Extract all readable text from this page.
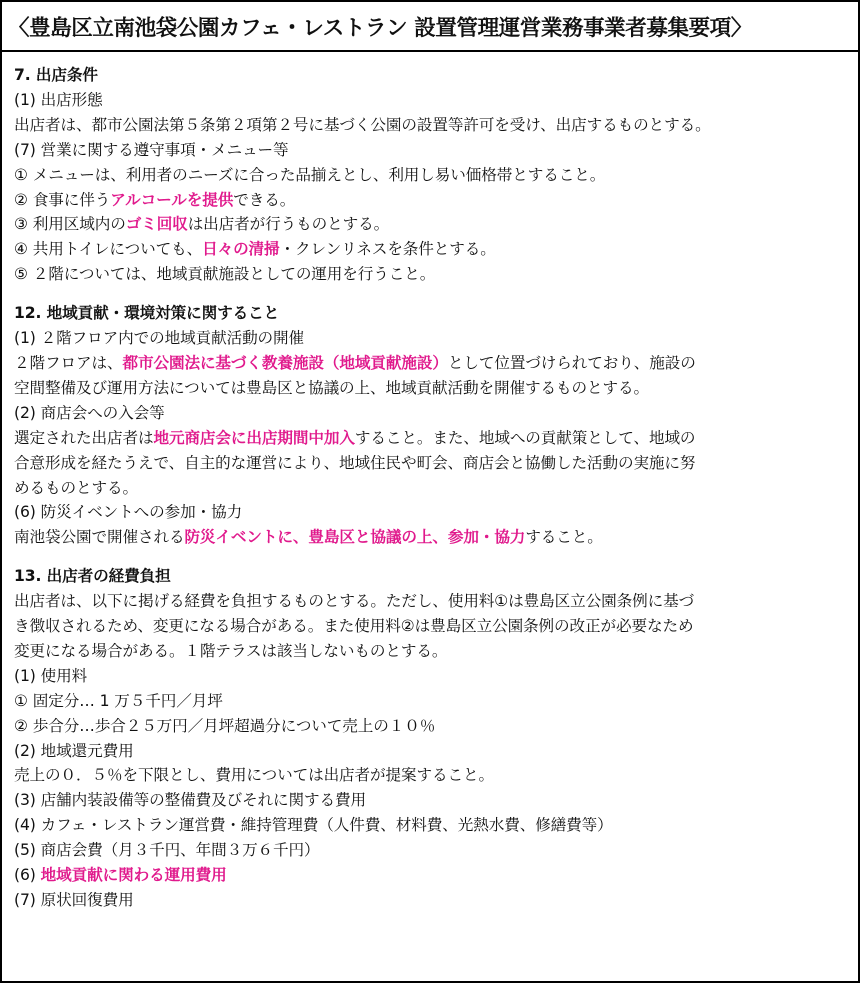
〈豊島区立南池袋公園カフェ・レストラン 設置管理運営業務事業者募集要項〉
7. 出店条件
(1) 出店形態
出店者は、都市公園法第５条第２項第２号に基づく公園の設置等許可を受け、出店するものとする。
(7) 営業に関する遵守事項・メニュー等
① メニューは、利用者のニーズに合った品揃えとし、利用し易い価格帯とすること。
② 食事に伴うアルコールを提供できる。
③ 利用区域内のゴミ回収は出店者が行うものとする。
④ 共用トイレについても、日々の清掃・クレンリネスを条件とする。
⑤ ２階については、地域貢献施設としての運用を行うこと。
12. 地域貢献・環境対策に関すること
(1) ２階フロア内での地域貢献活動の開催
２階フロアは、都市公園法に基づく教養施設（地域貢献施設）として位置づけられており、施設の
空間整備及び運用方法については豊島区と協議の上、地域貢献活動を開催するものとする。
(2) 商店会への入会等
選定された出店者は地元商店会に出店期間中加入すること。また、地域への貢献策として、地域の
合意形成を経たうえで、自主的な運営により、地域住民や町会、商店会と協働した活動の実施に努
めるものとする。
(6) 防災イベントへの参加・協力
南池袋公園で開催される防災イベントに、豊島区と協議の上、参加・協力すること。
13. 出店者の経費負担
出店者は、以下に掲げる経費を負担するものとする。ただし、使用料①は豊島区立公園条例に基づ
き徴収されるため、変更になる場合がある。また使用料②は豊島区立公園条例の改正が必要なため
変更になる場合がある。１階テラスは該当しないものとする。
(1) 使用料
① 固定分… 1 万５千円／月坪
② 歩合分…歩合２５万円／月坪超過分について売上の１０％
(2) 地域還元費用
売上の０．５％を下限とし、費用については出店者が提案すること。
(3) 店舗内装設備等の整備費及びそれに関する費用
(4) カフェ・レストラン運営費・維持管理費（人件費、材料費、光熱水費、修繕費等）
(5) 商店会費（月３千円、年間３万６千円）
(6) 地域貢献に関わる運用費用
(7) 原状回復費用
